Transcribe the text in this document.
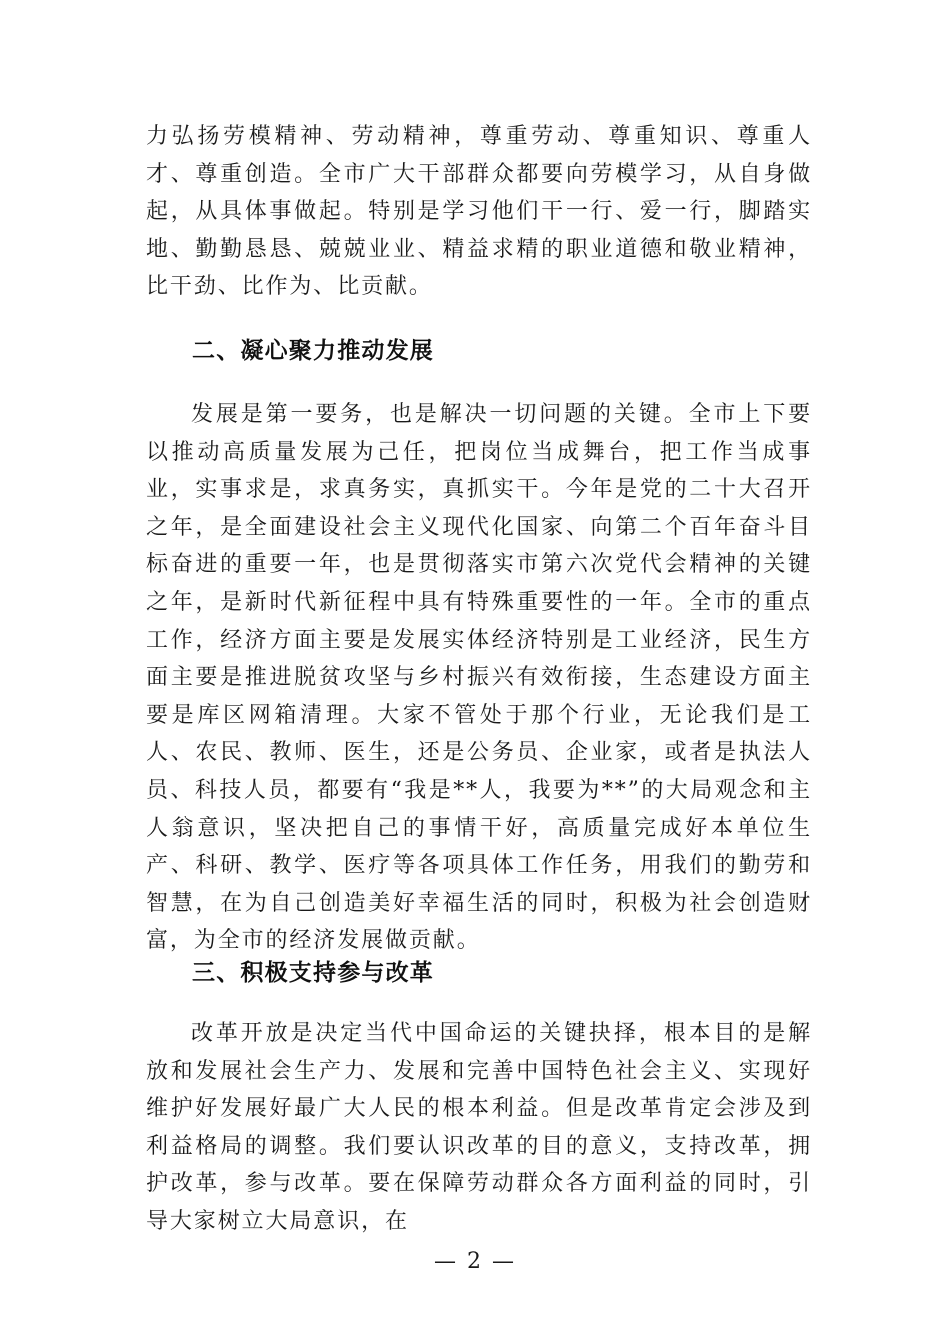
力弘扬劳模精神、劳动精神，尊重劳动、尊重知识、尊重人才、尊重创造。全市广大干部群众都要向劳模学习，从自身做起，从具体事做起。特别是学习他们干一行、爱一行，脚踏实地、勤勤恳恳、兢兢业业、精益求精的职业道德和敬业精神，比干劲、比作为、比贡献。

二、凝心聚力推动发展

发展是第一要务，也是解决一切问题的关键。全市上下要以推动高质量发展为己任，把岗位当成舞台，把工作当成事业，实事求是，求真务实，真抓实干。今年是党的二十大召开之年，是全面建设社会主义现代化国家、向第二个百年奋斗目标奋进的重要一年，也是贯彻落实市第六次党代会精神的关键之年，是新时代新征程中具有特殊重要性的一年。全市的重点工作，经济方面主要是发展实体经济特别是工业经济，民生方面主要是推进脱贫攻坚与乡村振兴有效衔接，生态建设方面主要是库区网箱清理。大家不管处于那个行业，无论我们是工人、农民、教师、医生，还是公务员、企业家，或者是执法人员、科技人员，都要有“我是**人，我要为**”的大局观念和主人翁意识，坚决把自己的事情干好，高质量完成好本单位生产、科研、教学、医疗等各项具体工作任务，用我们的勤劳和智慧，在为自己创造美好幸福生活的同时，积极为社会创造财富，为全市的经济发展做贡献。

三、积极支持参与改革

改革开放是决定当代中国命运的关键抉择，根本目的是解放和发展社会生产力、发展和完善中国特色社会主义、实现好维护好发展好最广大人民的根本利益。但是改革肯定会涉及到利益格局的调整。我们要认识改革的目的意义，支持改革，拥护改革，参与改革。要在保障劳动群众各方面利益的同时，引导大家树立大局意识，在

— 2 —
